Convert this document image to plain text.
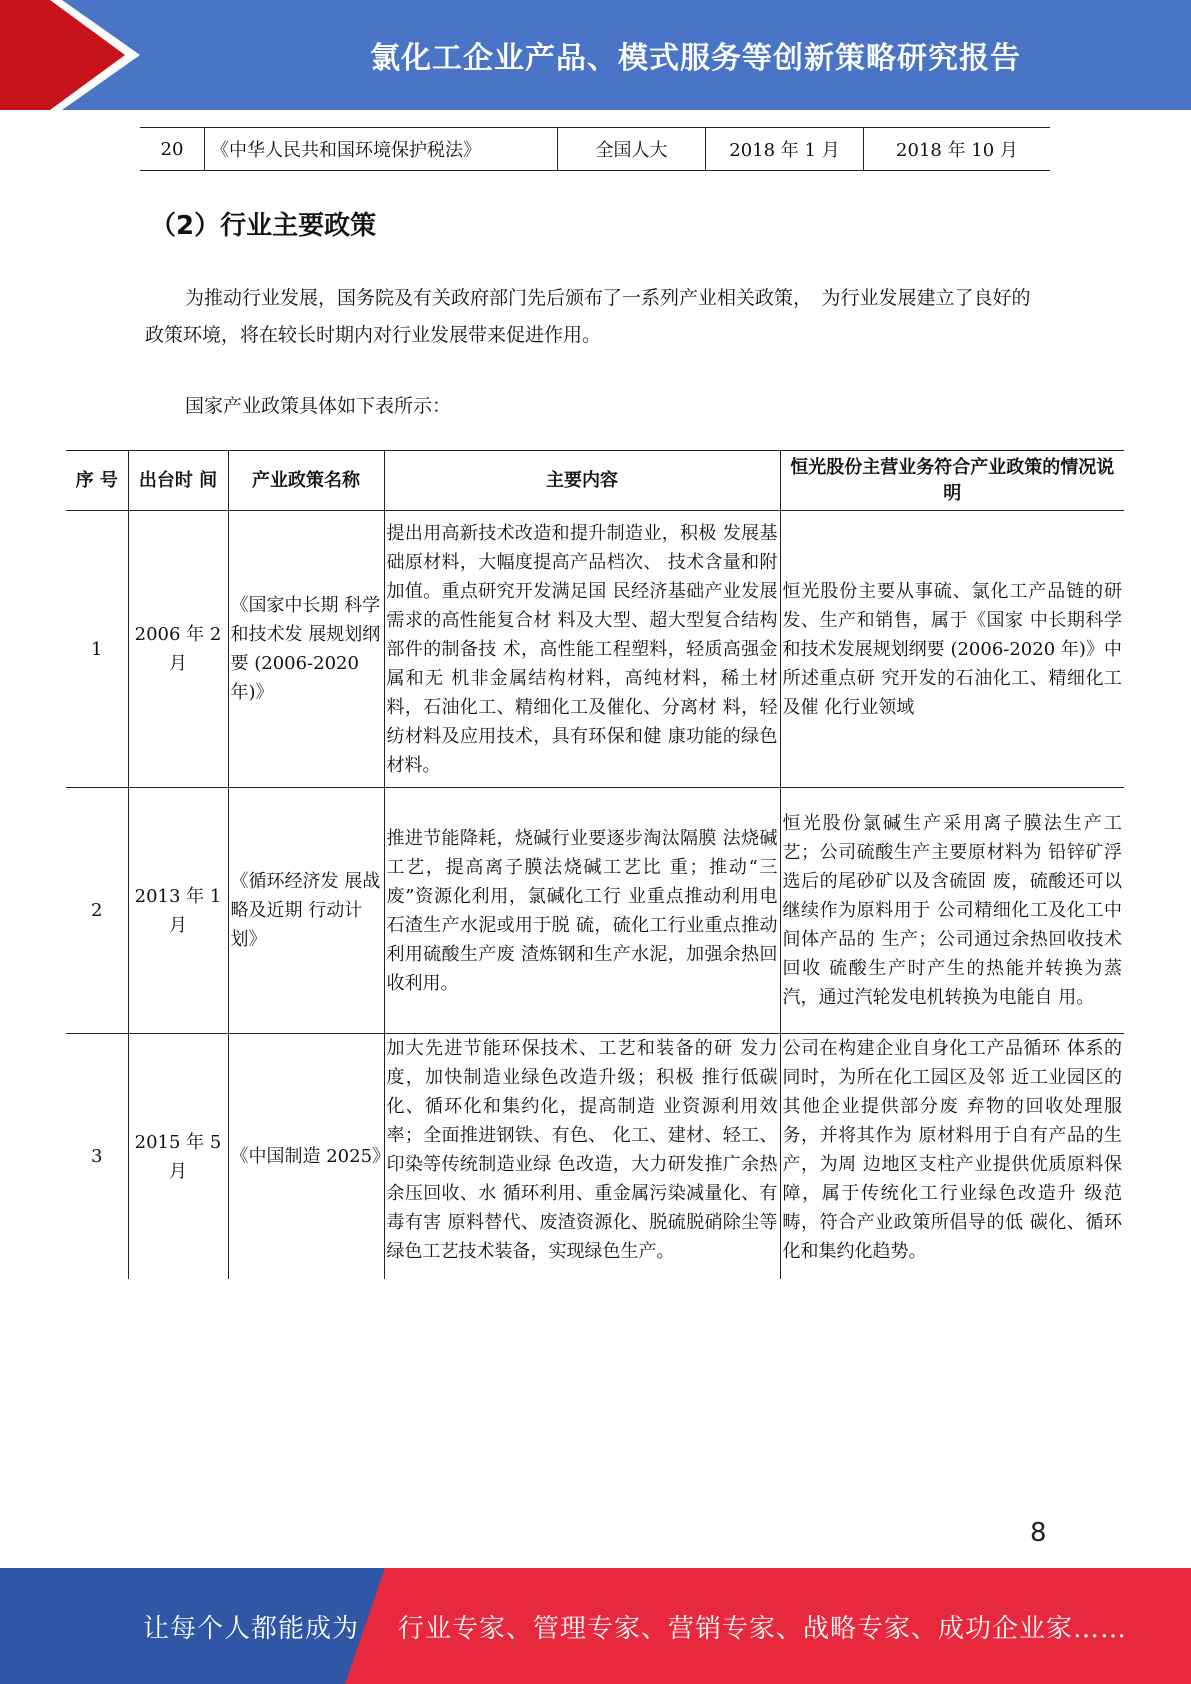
氯化工企业产品、模式服务等创新策略研究报告
20	《中华人民共和国环境保护税法》	全国人大	2018 年 1 月	2018 年 10 月
（2）行业主要政策

为推动行业发展，国务院及有关政府部门先后颁布了一系列产业相关政策，　为行业发展建立了良好的政策环境，将在较长时期内对行业发展带来促进作用。

国家产业政策具体如下表所示：

序 号	出台时 间	产业政策名称	主要内容	恒光股份主营业务符合产业政策的情况说明
1	2006 年 2 月	《国家中长期 科学和技术发 展规划纲要 (2006-2020 年)》	提出用高新技术改造和提升制造业，积极 发展基础原材料，大幅度提高产品档次、 技术含量和附加值。重点研究开发满足国 民经济基础产业发展需求的高性能复合材 料及大型、超大型复合结构部件的制备技 术，高性能工程塑料，轻质高强金属和无 机非金属结构材料，高纯材料，稀土材 料，石油化工、精细化工及催化、分离材 料，轻纺材料及应用技术，具有环保和健 康功能的绿色材料。	恒光股份主要从事硫、氯化工产品链的研发、生产和销售，属于《国家 中长期科学和技术发展规划纲要 (2006-2020 年)》中所述重点研 究开发的石油化工、精细化工及催 化行业领域
2	2013 年 1 月	《循环经济发 展战略及近期 行动计划》	推进节能降耗，烧碱行业要逐步淘汰隔膜 法烧碱工艺，提高离子膜法烧碱工艺比 重；推动“三废”资源化利用，氯碱化工行 业重点推动利用电石渣生产水泥或用于脱 硫，硫化工行业重点推动利用硫酸生产废 渣炼钢和生产水泥，加强余热回收利用。	恒光股份氯碱生产采用离子膜法生产工艺；公司硫酸生产主要原材料为 铅锌矿浮选后的尾砂矿以及含硫固 废，硫酸还可以继续作为原料用于 公司精细化工及化工中间体产品的 生产；公司通过余热回收技术回收 硫酸生产时产生的热能并转换为蒸 汽，通过汽轮发电机转换为电能自 用。
3	2015 年 5 月	《中国制造 2025》	加大先进节能环保技术、工艺和装备的研 发力度，加快制造业绿色改造升级；积极 推行低碳化、循环化和集约化，提高制造 业资源利用效率；全面推进钢铁、有色、 化工、建材、轻工、印染等传统制造业绿 色改造，大力研发推广余热余压回收、水 循环利用、重金属污染减量化、有毒有害 原料替代、废渣资源化、脱硫脱硝除尘等 绿色工艺技术装备，实现绿色生产。	公司在构建企业自身化工产品循环 体系的同时，为所在化工园区及邻 近工业园区的其他企业提供部分废 弃物的回收处理服务，并将其作为 原材料用于自有产品的生产，为周 边地区支柱产业提供优质原料保 障，属于传统化工行业绿色改造升 级范畴，符合产业政策所倡导的低 碳化、循环化和集约化趋势。
8
让每个人都能成为 行业专家、管理专家、营销专家、战略专家、成功企业家……
